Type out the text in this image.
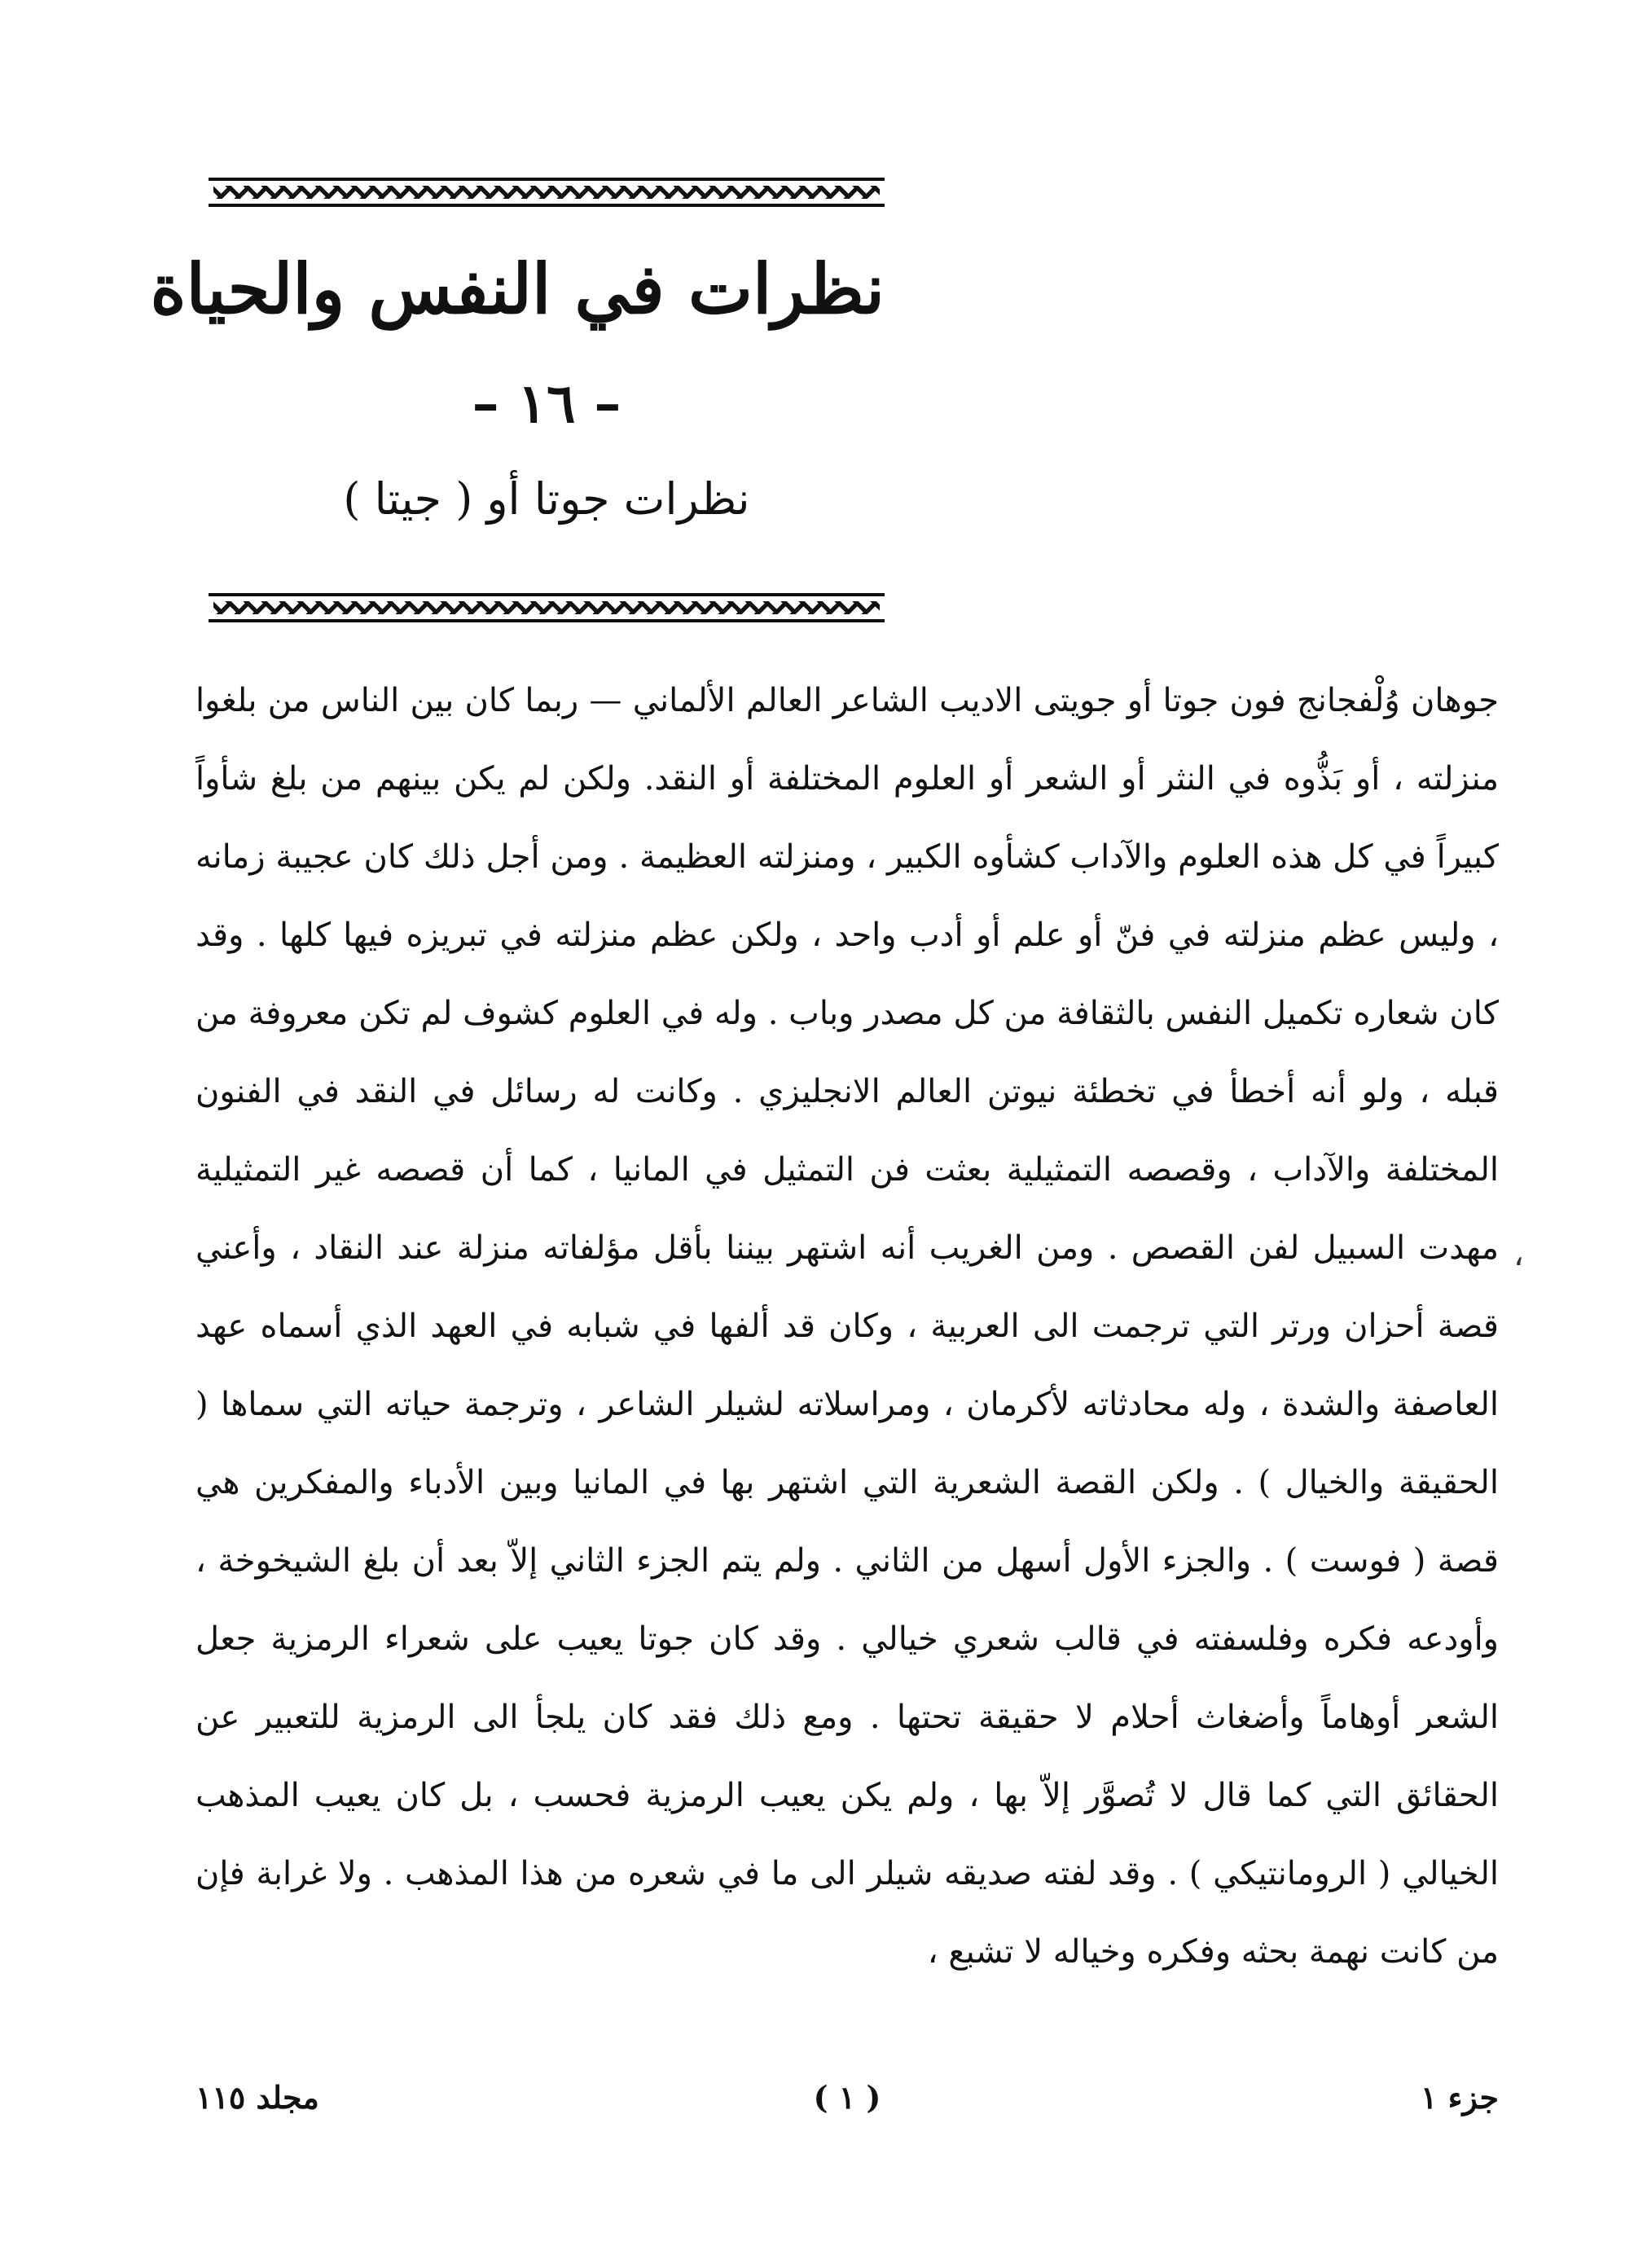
نظرات في النفس والحياة
– ١٦ –
نظرات جوتا أو ( جيتا )

جوهان وُلْفجانج فون جوتا أو جويتى الاديب الشاعر العالم الألماني — ربما كان بين الناس من بلغوا منزلته ، أو بَذُّوه في النثر أو الشعر أو العلوم المختلفة أو النقد. ولكن لم يكن بينهم من بلغ شأواً كبيراً في كل هذه العلوم والآداب كشأوه الكبير ، ومنزلته العظيمة . ومن أجل ذلك كان عجيبة زمانه ، وليس عظم منزلته في فنّ أو علم أو أدب واحد ، ولكن عظم منزلته في تبريزه فيها كلها . وقد كان شعاره تكميل النفس بالثقافة من كل مصدر وباب . وله في العلوم كشوف لم تكن معروفة من قبله ، ولو أنه أخطأ في تخطئة نيوتن العالم الانجليزي . وكانت له رسائل في النقد في الفنون المختلفة والآداب ، وقصصه التمثيلية بعثت فن التمثيل في المانيا ، كما أن قصصه غير التمثيلية مهدت السبيل لفن القصص . ومن الغريب أنه اشتهر بيننا بأقل مؤلفاته منزلة عند النقاد ، وأعني قصة أحزان ورتر التي ترجمت الى العربية ، وكان قد ألفها في شبابه في العهد الذي أسماه عهد العاصفة والشدة ، وله محادثاته لأكرمان ، ومراسلاته لشيلر الشاعر ، وترجمة حياته التي سماها ( الحقيقة والخيال ) . ولكن القصة الشعرية التي اشتهر بها في المانيا وبين الأدباء والمفكرين هي قصة ( فوست ) . والجزء الأول أسهل من الثاني . ولم يتم الجزء الثاني إلاّ بعد أن بلغ الشيخوخة ، وأودعه فكره وفلسفته في قالب شعري خيالي . وقد كان جوتا يعيب على شعراء الرمزية جعل الشعر أوهاماً وأضغاث أحلام لا حقيقة تحتها . ومع ذلك فقد كان يلجأ الى الرمزية للتعبير عن الحقائق التي كما قال لا تُصوَّر إلاّ بها ، ولم يكن يعيب الرمزية فحسب ، بل كان يعيب المذهب الخيالي ( الرومانتيكي ) . وقد لفته صديقه شيلر الى ما في شعره من هذا المذهب . ولا غرابة فإن من كانت نهمة بحثه وفكره وخياله لا تشبع ،

،
جزء ١
( ١ )
مجلد ١١٥
